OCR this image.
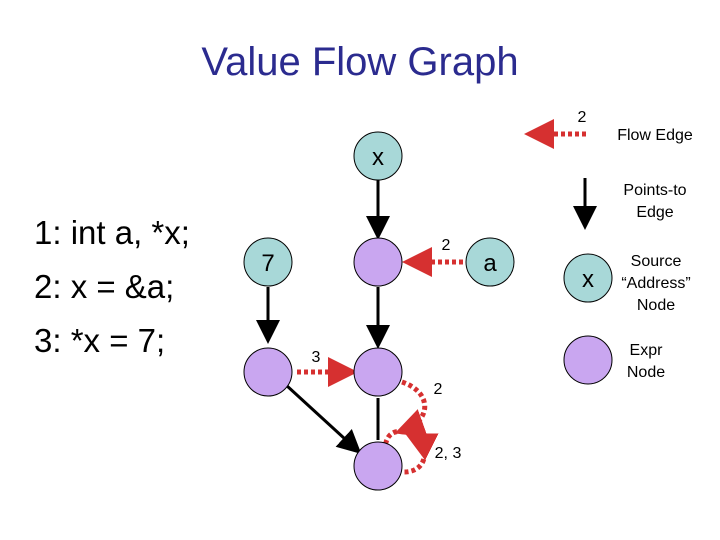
Value Flow Graph
1: int a, *x;
2: x = &a;
3: *x = 7;
x
7	a
2
3
2
2, 3
2
Flow Edge
Points-to
Edge
x
Source
“Address”
Node
Expr
Node
